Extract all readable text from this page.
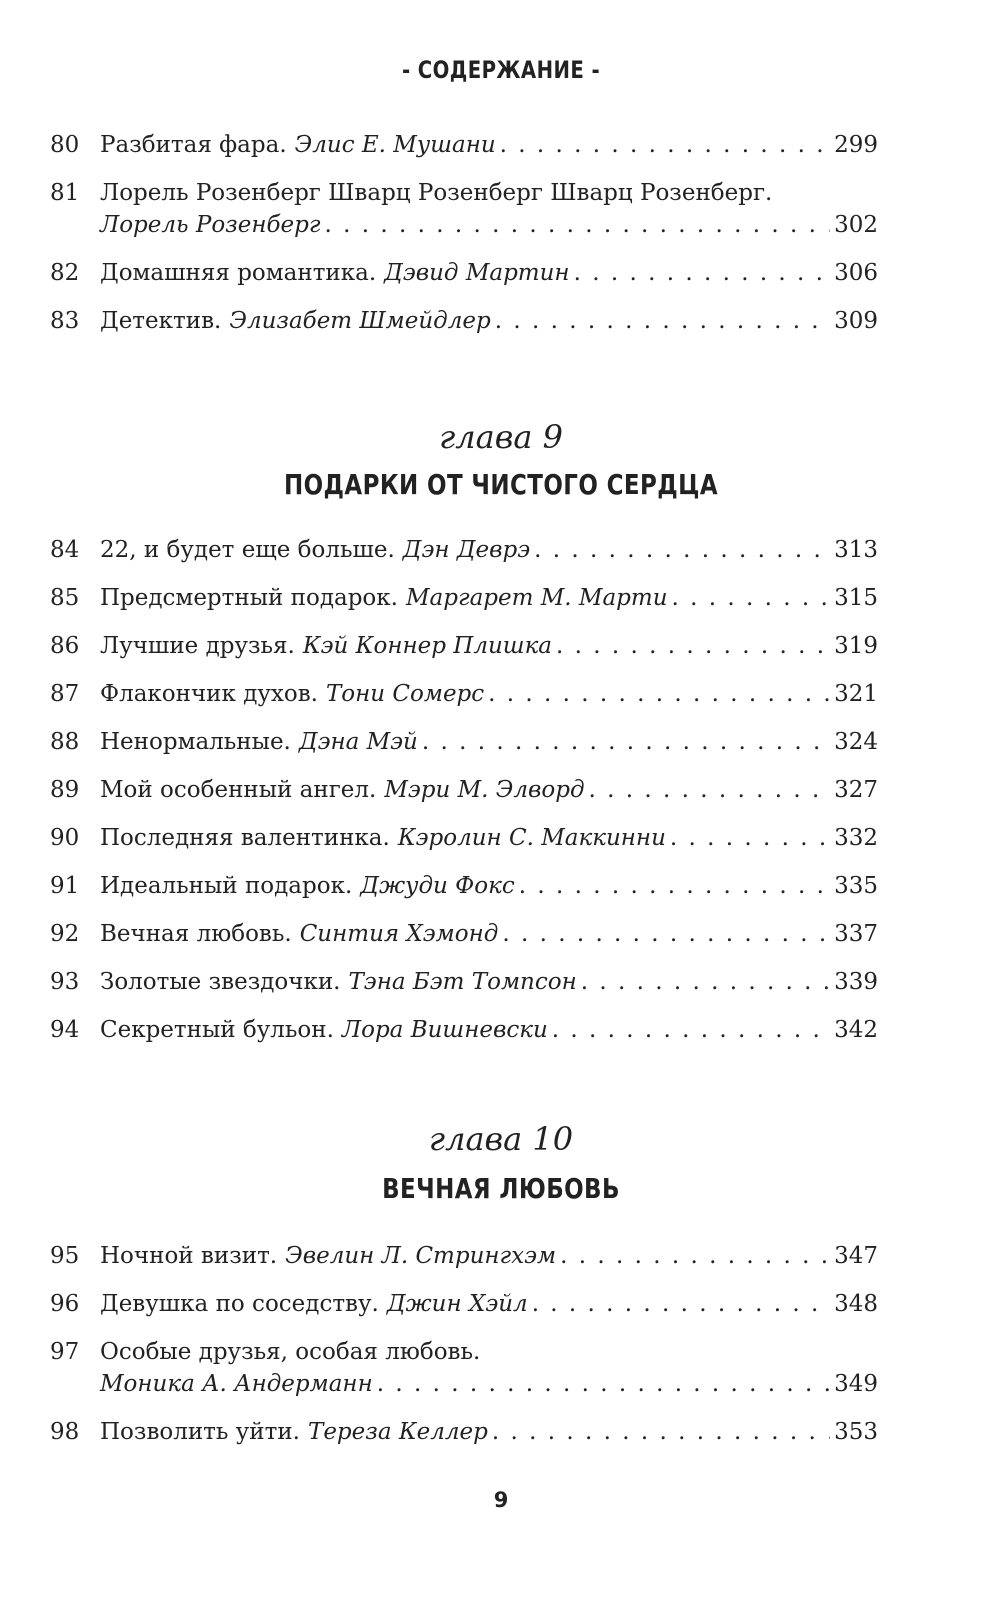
- СОДЕРЖАНИЕ -
80 Разбитая фара. Элис Е. Мушани . . .	299
81 Лорель Розенберг Шварц Розенберг Шварц Розенберг.
Лорель Розенберг . . .	302
82 Домашняя романтика. Дэвид Мартин . . .	306
83 Детектив. Элизабет Шмейдлер . . .	309
глава 9
ПОДАРКИ ОТ ЧИСТОГО СЕРДЦА
84 22, и будет еще больше. Дэн Деврэ . . .	313
85 Предсмертный подарок. Маргарет М. Марти . . .	315
86 Лучшие друзья. Кэй Коннер Плишка . . .	319
87 Флакончик духов. Тони Сомерс . . .	321
88 Ненормальные. Дэна Мэй . . .	324
89 Мой особенный ангел. Мэри М. Элворд . . .	327
90 Последняя валентинка. Кэролин С. Маккинни . . .	332
91 Идеальный подарок. Джуди Фокс . . .	335
92 Вечная любовь. Синтия Хэмонд . . .	337
93 Золотые звездочки. Тэна Бэт Томпсон . . .	339
94 Секретный бульон. Лора Вишневски . . .	342
глава 10
ВЕЧНАЯ ЛЮБОВЬ
95 Ночной визит. Эвелин Л. Стрингхэм . . .	347
96 Девушка по соседству. Джин Хэйл . . .	348
97 Особые друзья, особая любовь.
Моника А. Андерманн . . .	349
98 Позволить уйти. Тереза Келлер . . .	353
9
